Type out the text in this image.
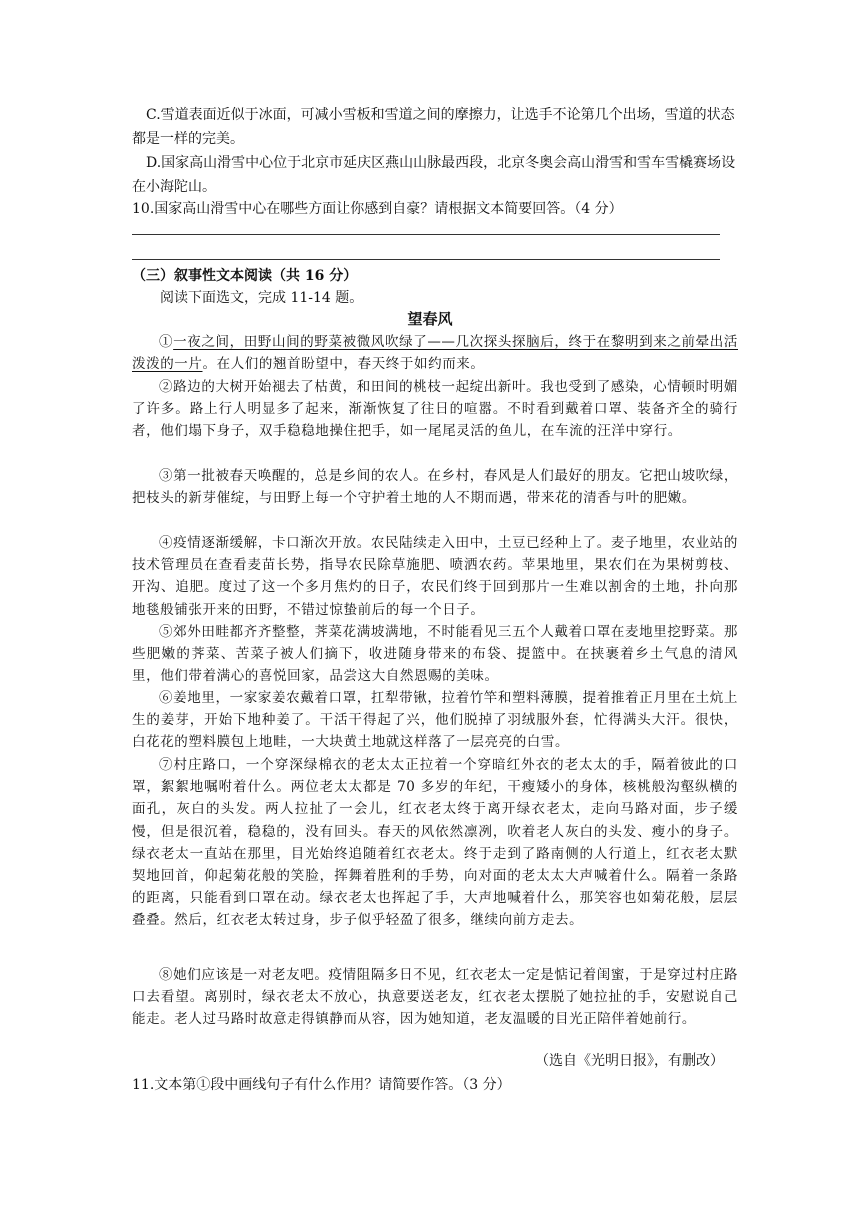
C.雪道表面近似于冰面，可减小雪板和雪道之间的摩擦力，让选手不论第几个出场，雪道的状态都是一样的完美。

D.国家高山滑雪中心位于北京市延庆区燕山山脉最西段，北京冬奥会高山滑雪和雪车雪橇赛场设在小海陀山。

10.国家高山滑雪中心在哪些方面让你感到自豪？请根据文本简要回答。（4 分）

（三）叙事性文本阅读（共 16 分）

阅读下面选文，完成 11-14 题。

望春风

①一夜之间，田野山间的野菜被微风吹绿了——几次探头探脑后，终于在黎明到来之前晕出活泼泼的一片。在人们的翘首盼望中，春天终于如约而来。

②路边的大树开始褪去了枯黄，和田间的桃枝一起绽出新叶。我也受到了感染，心情顿时明媚了许多。路上行人明显多了起来，渐渐恢复了往日的喧嚣。不时看到戴着口罩、装备齐全的骑行者，他们塌下身子，双手稳稳地操住把手，如一尾尾灵活的鱼儿，在车流的汪洋中穿行。

③第一批被春天唤醒的，总是乡间的农人。在乡村，春风是人们最好的朋友。它把山坡吹绿，把枝头的新芽催绽，与田野上每一个守护着土地的人不期而遇，带来花的清香与叶的肥嫩。

④疫情逐渐缓解，卡口渐次开放。农民陆续走入田中，土豆已经种上了。麦子地里，农业站的技术管理员在查看麦苗长势，指导农民除草施肥、喷洒农药。苹果地里，果农们在为果树剪枝、开沟、追肥。度过了这一个多月焦灼的日子，农民们终于回到那片一生难以割舍的土地，扑向那地毯般铺张开来的田野，不错过惊蛰前后的每一个日子。

⑤郊外田畦都齐齐整整，荠菜花满坡满地，不时能看见三五个人戴着口罩在麦地里挖野菜。那些肥嫩的荠菜、苦菜子被人们摘下，收进随身带来的布袋、提篮中。在挟裹着乡土气息的清风里，他们带着满心的喜悦回家，品尝这大自然恩赐的美味。

⑥姜地里，一家家姜农戴着口罩，扛犁带锹，拉着竹竿和塑料薄膜，提着推着正月里在土炕上生的姜芽，开始下地种姜了。干活干得起了兴，他们脱掉了羽绒服外套，忙得满头大汗。很快，白花花的塑料膜包上地畦，一大块黄土地就这样落了一层亮亮的白雪。

⑦村庄路口，一个穿深绿棉衣的老太太正拉着一个穿暗红外衣的老太太的手，隔着彼此的口罩，絮絮地嘱咐着什么。两位老太太都是 70 多岁的年纪，干瘦矮小的身体，核桃般沟壑纵横的面孔，灰白的头发。两人拉扯了一会儿，红衣老太终于离开绿衣老太，走向马路对面，步子缓慢，但是很沉着，稳稳的，没有回头。春天的风依然凛冽，吹着老人灰白的头发、瘦小的身子。绿衣老太一直站在那里，目光始终追随着红衣老太。终于走到了路南侧的人行道上，红衣老太默契地回首，仰起菊花般的笑脸，挥舞着胜利的手势，向对面的老太太大声喊着什么。隔着一条路的距离，只能看到口罩在动。绿衣老太也挥起了手，大声地喊着什么，那笑容也如菊花般，层层叠叠。然后，红衣老太转过身，步子似乎轻盈了很多，继续向前方走去。

⑧她们应该是一对老友吧。疫情阻隔多日不见，红衣老太一定是惦记着闺蜜，于是穿过村庄路口去看望。离别时，绿衣老太不放心，执意要送老友，红衣老太摆脱了她拉扯的手，安慰说自己能走。老人过马路时故意走得镇静而从容，因为她知道，老友温暖的目光正陪伴着她前行。

（选自《光明日报》，有删改）

11.文本第①段中画线句子有什么作用？请简要作答。（3 分）
